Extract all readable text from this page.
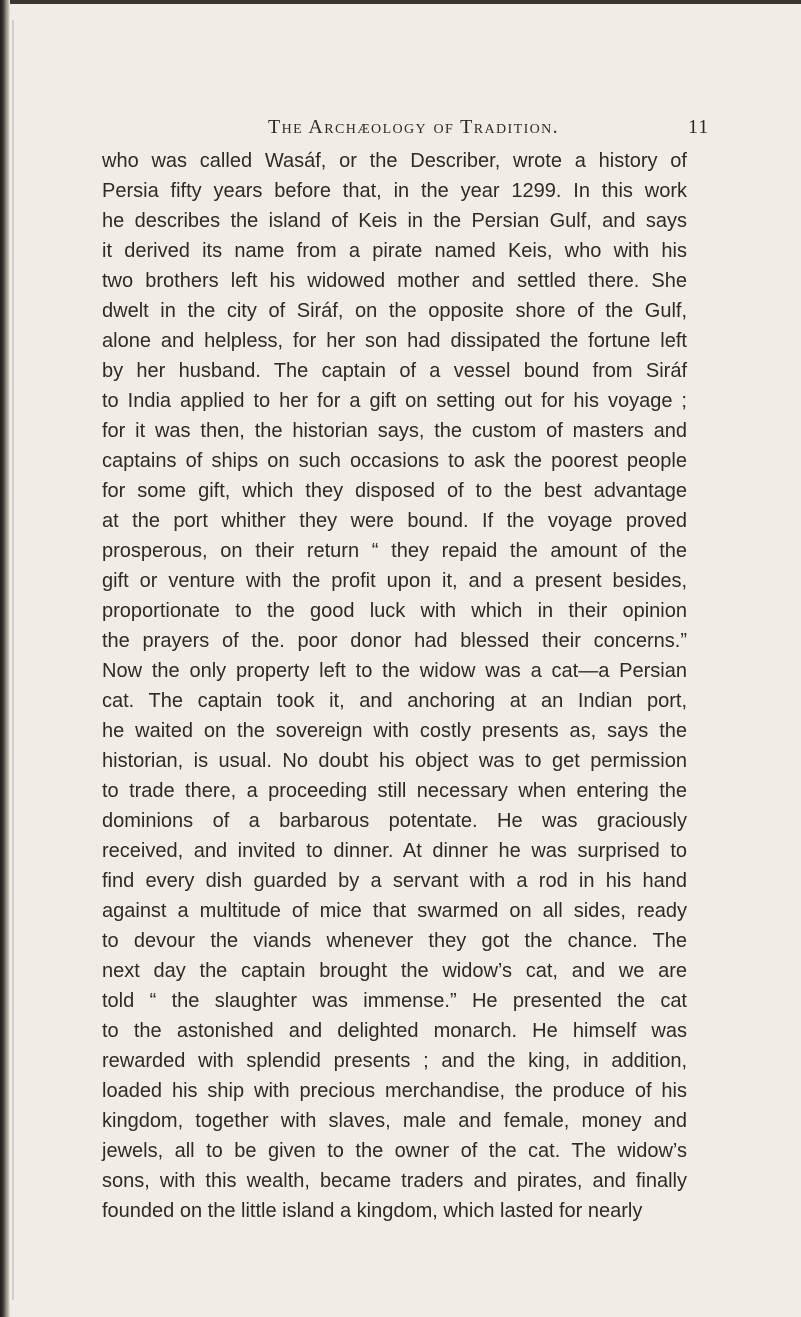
The Archæology of Tradition.	11
who was called Wasáf, or the Describer, wrote a history of
Persia fifty years before that, in the year 1299. In this work
he describes the island of Keis in the Persian Gulf, and says
it derived its name from a pirate named Keis, who with his
two brothers left his widowed mother and settled there. She
dwelt in the city of Siráf, on the opposite shore of the Gulf,
alone and helpless, for her son had dissipated the fortune left
by her husband. The captain of a vessel bound from Siráf
to India applied to her for a gift on setting out for his voyage ;
for it was then, the historian says, the custom of masters and
captains of ships on such occasions to ask the poorest people
for some gift, which they disposed of to the best advantage
at the port whither they were bound. If the voyage proved
prosperous, on their return “ they repaid the amount of the
gift or venture with the profit upon it, and a present besides,
proportionate to the good luck with which in their opinion
the prayers of the. poor donor had blessed their concerns.”
Now the only property left to the widow was a cat—a Persian
cat. The captain took it, and anchoring at an Indian port,
he waited on the sovereign with costly presents as, says the
historian, is usual. No doubt his object was to get permission
to trade there, a proceeding still necessary when entering the
dominions of a barbarous potentate. He was graciously
received, and invited to dinner. At dinner he was surprised to
find every dish guarded by a servant with a rod in his hand
against a multitude of mice that swarmed on all sides, ready
to devour the viands whenever they got the chance. The
next day the captain brought the widow’s cat, and we are
told “ the slaughter was immense.” He presented the cat
to the astonished and delighted monarch. He himself was
rewarded with splendid presents ; and the king, in addition,
loaded his ship with precious merchandise, the produce of his
kingdom, together with slaves, male and female, money and
jewels, all to be given to the owner of the cat. The widow’s
sons, with this wealth, became traders and pirates, and finally
founded on the little island a kingdom, which lasted for nearly
